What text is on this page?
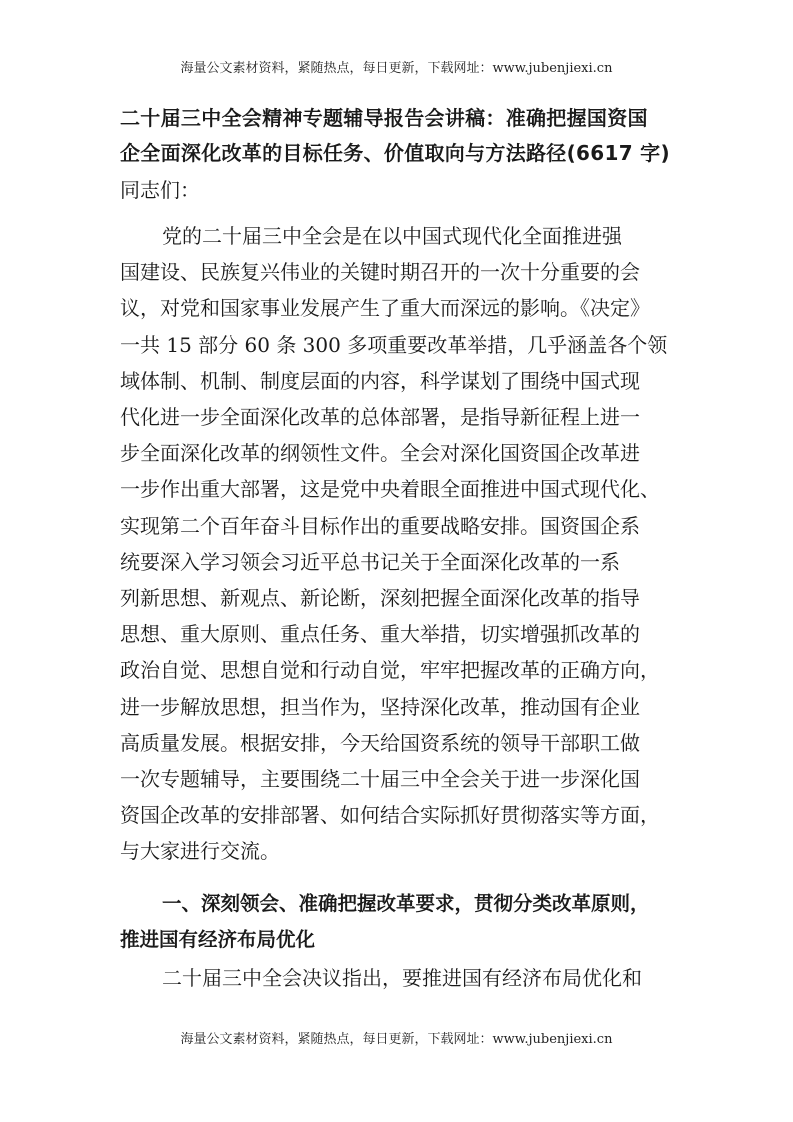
海量公文素材资料，紧随热点，每日更新，下载网址：www.jubenjiexi.cn
二十届三中全会精神专题辅导报告会讲稿：准确把握国资国
企全面深化改革的目标任务、价值取向与方法路径(6617 字)

同志们：

党的二十届三中全会是在以中国式现代化全面推进强
国建设、民族复兴伟业的关键时期召开的一次十分重要的会
议，对党和国家事业发展产生了重大而深远的影响。《决定》
一共 15 部分 60 条 300 多项重要改革举措，几乎涵盖各个领
域体制、机制、制度层面的内容，科学谋划了围绕中国式现
代化进一步全面深化改革的总体部署，是指导新征程上进一
步全面深化改革的纲领性文件。全会对深化国资国企改革进
一步作出重大部署，这是党中央着眼全面推进中国式现代化、
实现第二个百年奋斗目标作出的重要战略安排。国资国企系
统要深入学习领会习近平总书记关于全面深化改革的一系
列新思想、新观点、新论断，深刻把握全面深化改革的指导
思想、重大原则、重点任务、重大举措，切实增强抓改革的
政治自觉、思想自觉和行动自觉，牢牢把握改革的正确方向，
进一步解放思想，担当作为，坚持深化改革，推动国有企业
高质量发展。根据安排，今天给国资系统的领导干部职工做
一次专题辅导，主要围绕二十届三中全会关于进一步深化国
资国企改革的安排部署、如何结合实际抓好贯彻落实等方面，
与大家进行交流。
一、深刻领会、准确把握改革要求，贯彻分类改革原则，
推进国有经济布局优化
二十届三中全会决议指出，要推进国有经济布局优化和
海量公文素材资料，紧随热点，每日更新，下载网址：www.jubenjiexi.cn
